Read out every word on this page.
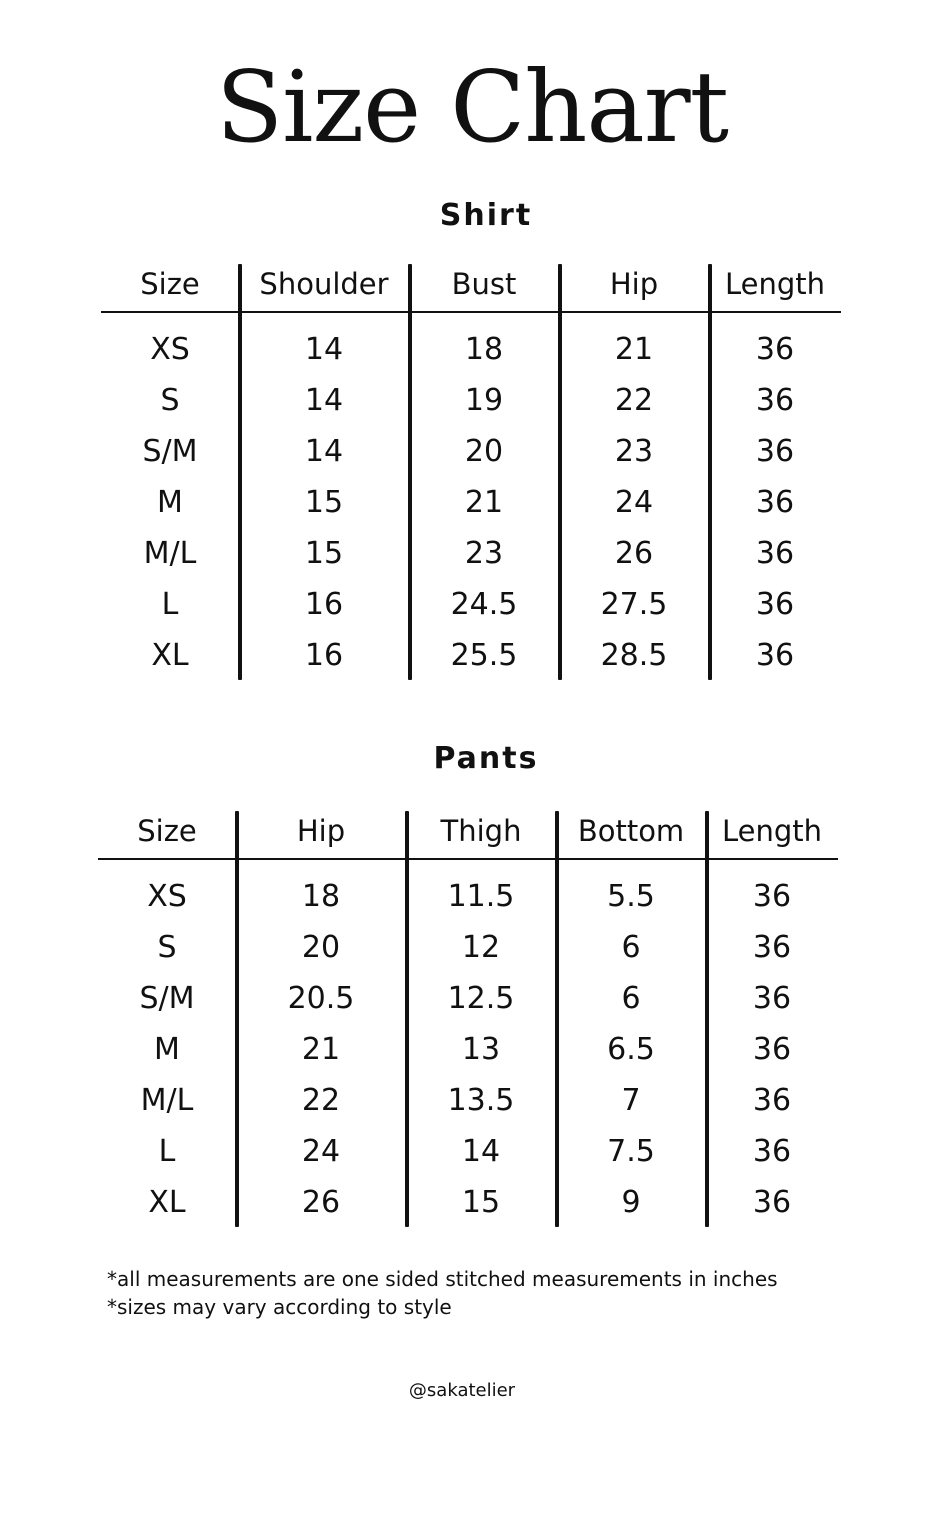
Size Chart
Shirt
Size	Shoulder	Bust	Hip	Length
XS	14	18	21	36
S	14	19	22	36
S/M	14	20	23	36
M	15	21	24	36
M/L	15	23	26	36
L	16	24.5	27.5	36
XL	16	25.5	28.5	36
Pants
Size	Hip	Thigh	Bottom	Length
XS	18	11.5	5.5	36
S	20	12	6	36
S/M	20.5	12.5	6	36
M	21	13	6.5	36
M/L	22	13.5	7	36
L	24	14	7.5	36
XL	26	15	9	36
*all measurements are one sided stitched measurements in inches
*sizes may vary according to style

@sakatelier
